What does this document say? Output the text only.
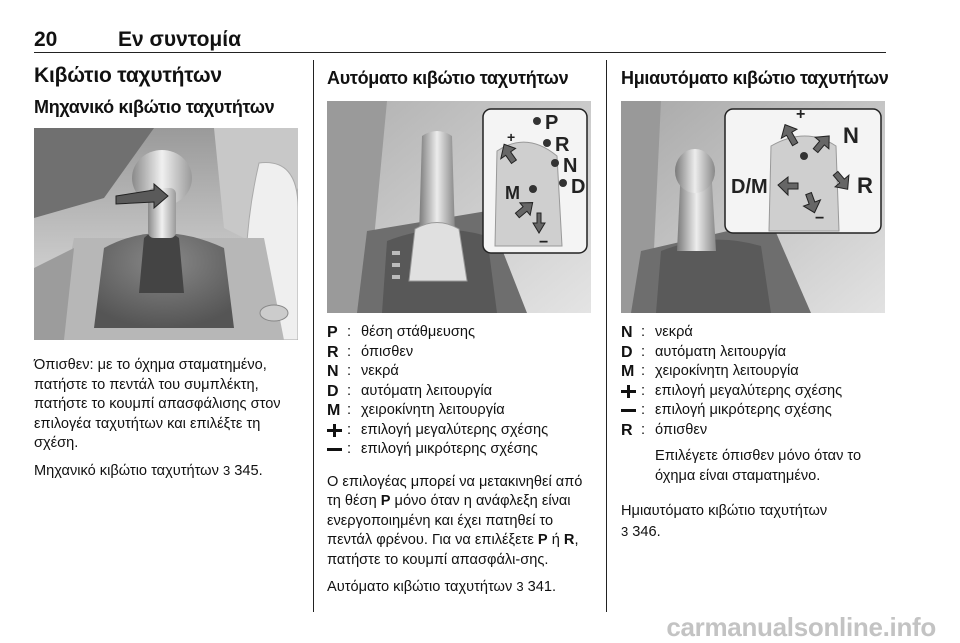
20	Εν συντομία
Κιβώτιο ταχυτήτων
Μηχανικό κιβώτιο ταχυτήτων

Όπισθεν: με το όχημα σταματημένο, πατήστε το πεντάλ του συμπλέκτη, πατήστε το κουμπί απασφάλισης στον επιλογέα ταχυτήτων και επιλέξτε τη σχέση.

Μηχανικό κιβώτιο ταχυτήτων 3 345.

Αυτόματο κιβώτιο ταχυτήτων
+
−
P
R
N
D
M
P : θέση στάθμευσης
R : όπισθεν
N : νεκρά
D : αυτόματη λειτουργία
M : χειροκίνητη λειτουργία
: επιλογή μεγαλύτερης σχέσης
: επιλογή μικρότερης σχέσης

Ο επιλογέας μπορεί να μετακινηθεί από τη θέση P μόνο όταν η ανάφλεξη είναι ενεργοποιημένη και έχει πατηθεί το πεντάλ φρένου. Για να επιλέξετε P ή R, πατήστε το κουμπί απασφάλι-σης.

Αυτόματο κιβώτιο ταχυτήτων 3 341.

Ημιαυτόματο κιβώτιο ταχυτήτων
+
−
N
R
D/M
N : νεκρά
D : αυτόματη λειτουργία
M : χειροκίνητη λειτουργία
: επιλογή μεγαλύτερης σχέσης
: επιλογή μικρότερης σχέσης
R : όπισθεν

Επιλέγετε όπισθεν μόνο όταν το όχημα είναι σταματημένο.

Ημιαυτόματο κιβώτιο ταχυτήτων
3 346.

carmanualsonline.info
